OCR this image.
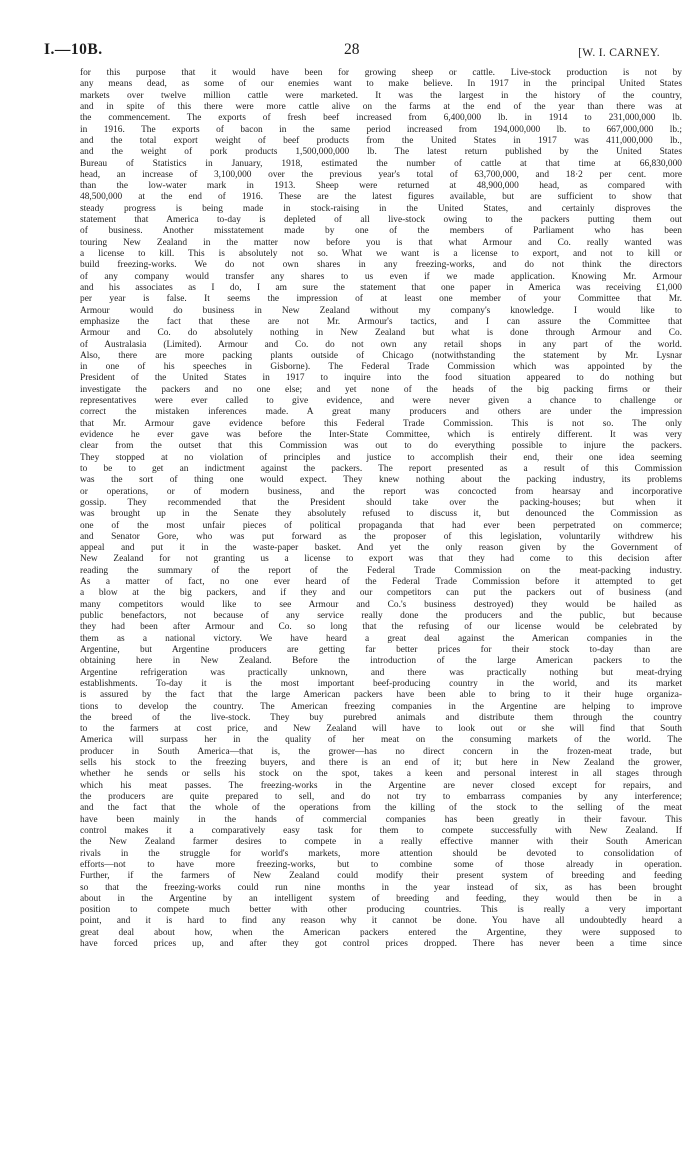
I.—10B.	28	[W. I. CARNEY.
for this purpose that it would have been for growing sheep or cattle. Live-stock production is not by
any means dead, as some of our enemies want to make believe. In 1917 in the principal United States
markets over twelve million cattle were marketed. It was the largest in the history of the country,
and in spite of this there were more cattle alive on the farms at the end of the year than there was at
the commencement. The exports of fresh beef increased from 6,400,000 lb. in 1914 to 231,000,000 lb.
in 1916. The exports of bacon in the same period increased from 194,000,000 lb. to 667,000,000 lb.;
and the total export weight of beef products from the United States in 1917 was 411,000,000 lb.,
and the weight of pork products 1,500,000,000 lb. The latest return published by the United States
Bureau of Statistics in January, 1918, estimated the number of cattle at that time at 66,830,000
head, an increase of 3,100,000 over the previous year's total of 63,700,000, and 18·2 per cent. more
than the low-water mark in 1913. Sheep were returned at 48,900,000 head, as compared with
48,500,000 at the end of 1916. These are the latest figures available, but are sufficient to show that
steady progress is being made in stock-raising in the United States, and certainly disproves the
statement that America to-day is depleted of all live-stock owing to the packers putting them out
of business. Another misstatement made by one of the members of Parliament who has been
touring New Zealand in the matter now before you is that what Armour and Co. really wanted was
a license to kill. This is absolutely not so. What we want is a license to export, and not to kill or
build freezing-works. We do not own shares in any freezing-works, and do not think the directors
of any company would transfer any shares to us even if we made application. Knowing Mr. Armour
and his associates as I do, I am sure the statement that one paper in America was receiving £1,000
per year is false. It seems the impression of at least one member of your Committee that Mr.
Armour would do business in New Zealand without my company's knowledge. I would like to
emphasize the fact that these are not Mr. Armour's tactics, and I can assure the Committee that
Armour and Co. do absolutely nothing in New Zealand but what is done through Armour and Co.
of Australasia (Limited). Armour and Co. do not own any retail shops in any part of the world.
Also, there are more packing plants outside of Chicago (notwithstanding the statement by Mr. Lysnar
in one of his speeches in Gisborne). The Federal Trade Commission which was appointed by the
President of the United States in 1917 to inquire into the food situation appeared to do nothing but
investigate the packers and no one else; and yet none of the heads of the big packing firms or their
representatives were ever called to give evidence, and were never given a chance to challenge or
correct the mistaken inferences made. A great many producers and others are under the impression
that Mr. Armour gave evidence before this Federal Trade Commission. This is not so. The only
evidence he ever gave was before the Inter-State Committee, which is entirely different. It was very
clear from the outset that this Commission was out to do everything possible to injure the packers.
They stopped at no violation of principles and justice to accomplish their end, their one idea seeming
to be to get an indictment against the packers. The report presented as a result of this Commission
was the sort of thing one would expect. They knew nothing about the packing industry, its problems
or operations, or of modern business, and the report was concocted from hearsay and incorporative
gossip. They recommended that the President should take over the packing-houses; but when it
was brought up in the Senate they absolutely refused to discuss it, but denounced the Commission as
one of the most unfair pieces of political propaganda that had ever been perpetrated on commerce;
and Senator Gore, who was put forward as the proposer of this legislation, voluntarily withdrew his
appeal and put it in the waste-paper basket. And yet the only reason given by the Government of
New Zealand for not granting us a license to export was that they had come to this decision after
reading the summary of the report of the Federal Trade Commission on the meat-packing industry.
As a matter of fact, no one ever heard of the Federal Trade Commission before it attempted to get
a blow at the big packers, and if they and our competitors can put the packers out of business (and
many competitors would like to see Armour and Co.'s business destroyed) they would be hailed as
public benefactors, not because of any service really done the producers and the public, but because
they had been after Armour and Co. so long that the refusing of our license would be celebrated by
them as a national victory. We have heard a great deal against the American companies in the
Argentine, but Argentine producers are getting far better prices for their stock to-day than are
obtaining here in New Zealand. Before the introduction of the large American packers to the
Argentine refrigeration was practically unknown, and there was practically nothing but meat-drying
establishments. To-day it is the most important beef-producing country in the world, and its market
is assured by the fact that the large American packers have been able to bring to it their huge organiza-
tions to develop the country. The American freezing companies in the Argentine are helping to improve
the breed of the live-stock. They buy purebred animals and distribute them through the country
to the farmers at cost price, and New Zealand will have to look out or she will find that South
America will surpass her in the quality of her meat on the consuming markets of the world. The
producer in South America—that is, the grower—has no direct concern in the frozen-meat trade, but
sells his stock to the freezing buyers, and there is an end of it; but here in New Zealand the grower,
whether he sends or sells his stock on the spot, takes a keen and personal interest in all stages through
which his meat passes. The freezing-works in the Argentine are never closed except for repairs, and
the producers are quite prepared to sell, and do not try to embarrass companies by any interference;
and the fact that the whole of the operations from the killing of the stock to the selling of the meat
have been mainly in the hands of commercial companies has been greatly in their favour. This
control makes it a comparatively easy task for them to compete successfully with New Zealand. If
the New Zealand farmer desires to compete in a really effective manner with their South American
rivals in the struggle for world's markets, more attention should be devoted to consolidation of
efforts—not to have more freezing-works, but to combine some of those already in operation.
Further, if the farmers of New Zealand could modify their present system of breeding and feeding
so that the freezing-works could run nine months in the year instead of six, as has been brought
about in the Argentine by an intelligent system of breeding and feeding, they would then be in a
position to compete much better with other producing countries. This is really a very important
point, and it is hard to find any reason why it cannot be done. You have all undoubtedly heard a
great deal about how, when the American packers entered the Argentine, they were supposed to
have forced prices up, and after they got control prices dropped. There has never been a time since
